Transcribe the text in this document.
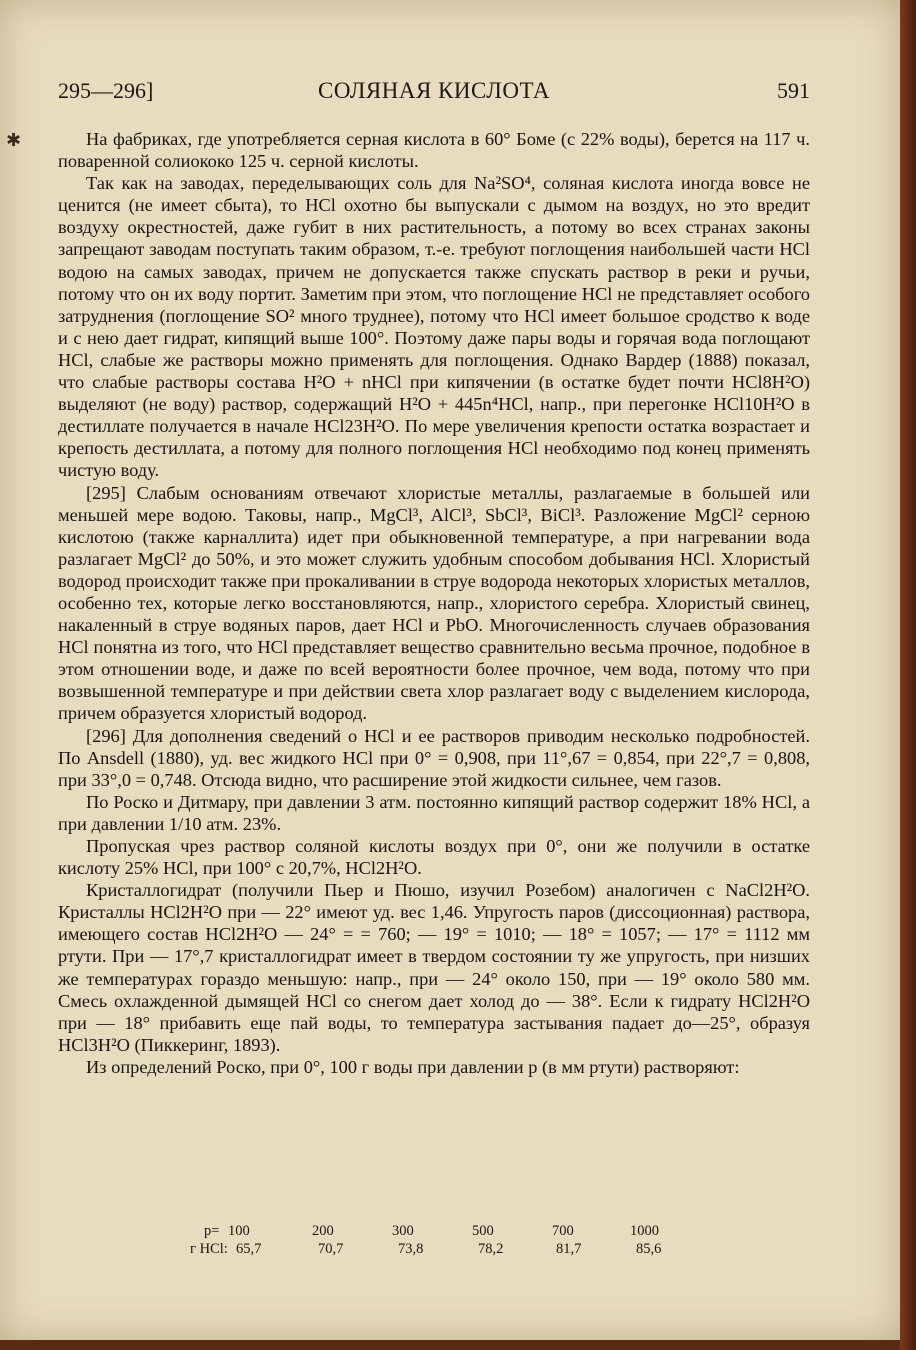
✱
295—296]	СОЛЯНАЯ КИСЛОТА	591

На фабриках, где употребляется серная кислота в 60° Боме (с 22% воды), берется на 117 ч. поваренной солиококо 125 ч. серной кислоты.

Так как на заводах, переделывающих соль для Na²SO⁴, соляная кислота иногда вовсе не ценится (не имеет сбыта), то HCl охотно бы выпускали с дымом на воздух, но это вредит воздуху окрестностей, даже губит в них растительность, а потому во всех странах законы запрещают заводам поступать таким образом, т.-е. требуют поглощения наибольшей части HCl водою на самых заводах, причем не допускается также спускать раствор в реки и ручьи, потому что он их воду портит. Заметим при этом, что поглощение HCl не представляет особого затруднения (поглощение SO² много труднее), потому что HCl имеет большое сродство к воде и с нею дает гидрат, кипящий выше 100°. Поэтому даже пары воды и горячая вода поглощают HCl, слабые же растворы можно применять для поглощения. Однако Вардер (1888) показал, что слабые растворы состава H²O + nHCl при кипячении (в остатке будет почти HCl8H²O) выделяют (не воду) раствор, содержащий H²O + 445n⁴HCl, напр., при перегонке HCl10H²O в дестиллате получается в начале HCl23H²O. По мере увеличения крепости остатка возрастает и крепость дестиллата, а потому для полного поглощения HCl необходимо под конец применять чистую воду.

[295] Слабым основаниям отвечают хлористые металлы, разлагаемые в большей или меньшей мере водою. Таковы, напр., MgCl³, AlCl³, SbCl³, BiCl³. Разложение MgCl² серною кислотою (также карналлита) идет при обыкновенной температуре, а при нагревании вода разлагает MgCl² до 50%, и это может служить удобным способом добывания HCl. Хлористый водород происходит также при прокаливании в струе водорода некоторых хлористых металлов, особенно тех, которые легко восстановляются, напр., хлористого серебра. Хлористый свинец, накаленный в струе водяных паров, дает HCl и PbO. Многочисленность случаев образования HCl понятна из того, что HCl представляет вещество сравнительно весьма прочное, подобное в этом отношении воде, и даже по всей вероятности более прочное, чем вода, потому что при возвышенной температуре и при действии света хлор разлагает воду с выделением кислорода, причем образуется хлористый водород.

[296] Для дополнения сведений о HCl и ее растворов приводим несколько подробностей. По Ansdell (1880), уд. вес жидкого HCl при 0° = 0,908, при 11°,67 = 0,854, при 22°,7 = 0,808, при 33°,0 = 0,748. Отсюда видно, что расширение этой жидкости сильнее, чем газов.

По Роско и Дитмару, при давлении 3 атм. постоянно кипящий раствор содержит 18% HCl, а при давлении 1/10 атм. 23%.

Пропуская чрез раствор соляной кислоты воздух при 0°, они же получили в остатке кислоту 25% HCl, при 100° с 20,7%, HCl2H²O.

Кристаллогидрат (получили Пьер и Пюшо, изучил Розебом) аналогичен с NaCl2H²O. Кристаллы HCl2H²O при — 22° имеют уд. вес 1,46. Упругость паров (диссоционная) раствора, имеющего состав HCl2H²O — 24° = = 760; — 19° = 1010; — 18° = 1057; — 17° = 1112 мм ртути. При — 17°,7 кристаллогидрат имеет в твердом состоянии ту же упругость, при низших же температурах гораздо меньшую: напр., при — 24° около 150, при — 19° около 580 мм. Смесь охлажденной дымящей HCl со снегом дает холод до — 38°. Если к гидрату HCl2H²O при — 18° прибавить еще пай воды, то температура застывания падает до—25°, образуя HCl3H²O (Пиккеринг, 1893).

Из определений Роско, при 0°, 100 г воды при давлении p (в мм ртути) растворяют:

p= 100	200	300	500	700	1000
г HCl: 65,7	70,7	73,8	78,2	81,7	85,6
